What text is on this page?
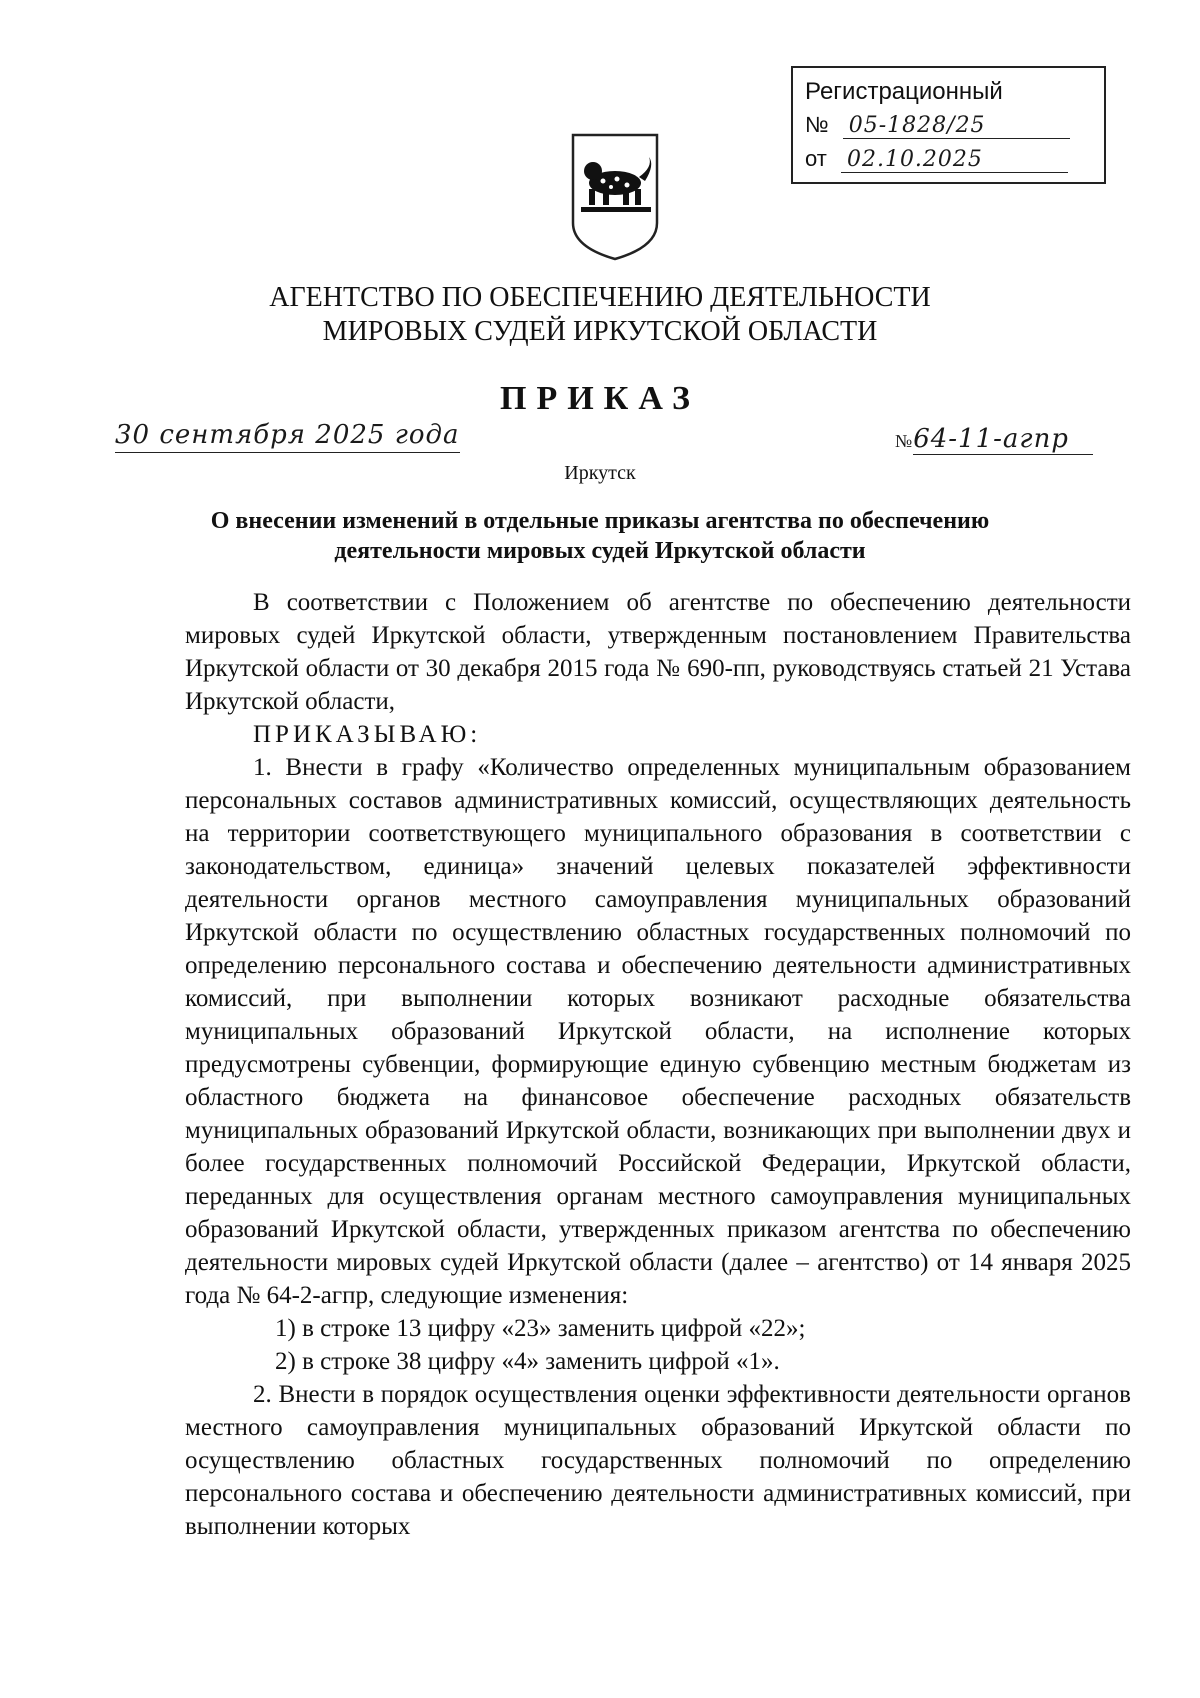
Регистрационный
№ 05-1828/25
от 02.10.2025
АГЕНТСТВО ПО ОБЕСПЕЧЕНИЮ ДЕЯТЕЛЬНОСТИ
МИРОВЫХ СУДЕЙ ИРКУТСКОЙ ОБЛАСТИ
ПРИКАЗ
30 сентября 2025 года	№64-11-агпр
Иркутск
О внесении изменений в отдельные приказы агентства по обеспечению
деятельности мировых судей Иркутской области

В соответствии с Положением об агентстве по обеспечению деятельности мировых судей Иркутской области, утвержденным постановлением Правительства Иркутской области от 30 декабря 2015 года № 690-пп, руководствуясь статьей 21 Устава Иркутской области,

ПРИКАЗЫВАЮ:

1. Внести в графу «Количество определенных муниципальным образованием персональных составов административных комиссий, осуществляющих деятельность на территории соответствующего муниципального образования в соответствии с законодательством, единица» значений целевых показателей эффективности деятельности органов местного самоуправления муниципальных образований Иркутской области по осуществлению областных государственных полномочий по определению персонального состава и обеспечению деятельности административных комиссий, при выполнении которых возникают расходные обязательства муниципальных образований Иркутской области, на исполнение которых предусмотрены субвенции, формирующие единую субвенцию местным бюджетам из областного бюджета на финансовое обеспечение расходных обязательств муниципальных образований Иркутской области, возникающих при выполнении двух и более государственных полномочий Российской Федерации, Иркутской области, переданных для осуществления органам местного самоуправления муниципальных образований Иркутской области, утвержденных приказом агентства по обеспечению деятельности мировых судей Иркутской области (далее – агентство) от 14 января 2025 года № 64-2-агпр, следующие изменения:

1) в строке 13 цифру «23» заменить цифрой «22»;

2) в строке 38 цифру «4» заменить цифрой «1».

2. Внести в порядок осуществления оценки эффективности деятельности органов местного самоуправления муниципальных образований Иркутской области по осуществлению областных государственных полномочий по определению персонального состава и обеспечению деятельности административных комиссий, при выполнении которых
